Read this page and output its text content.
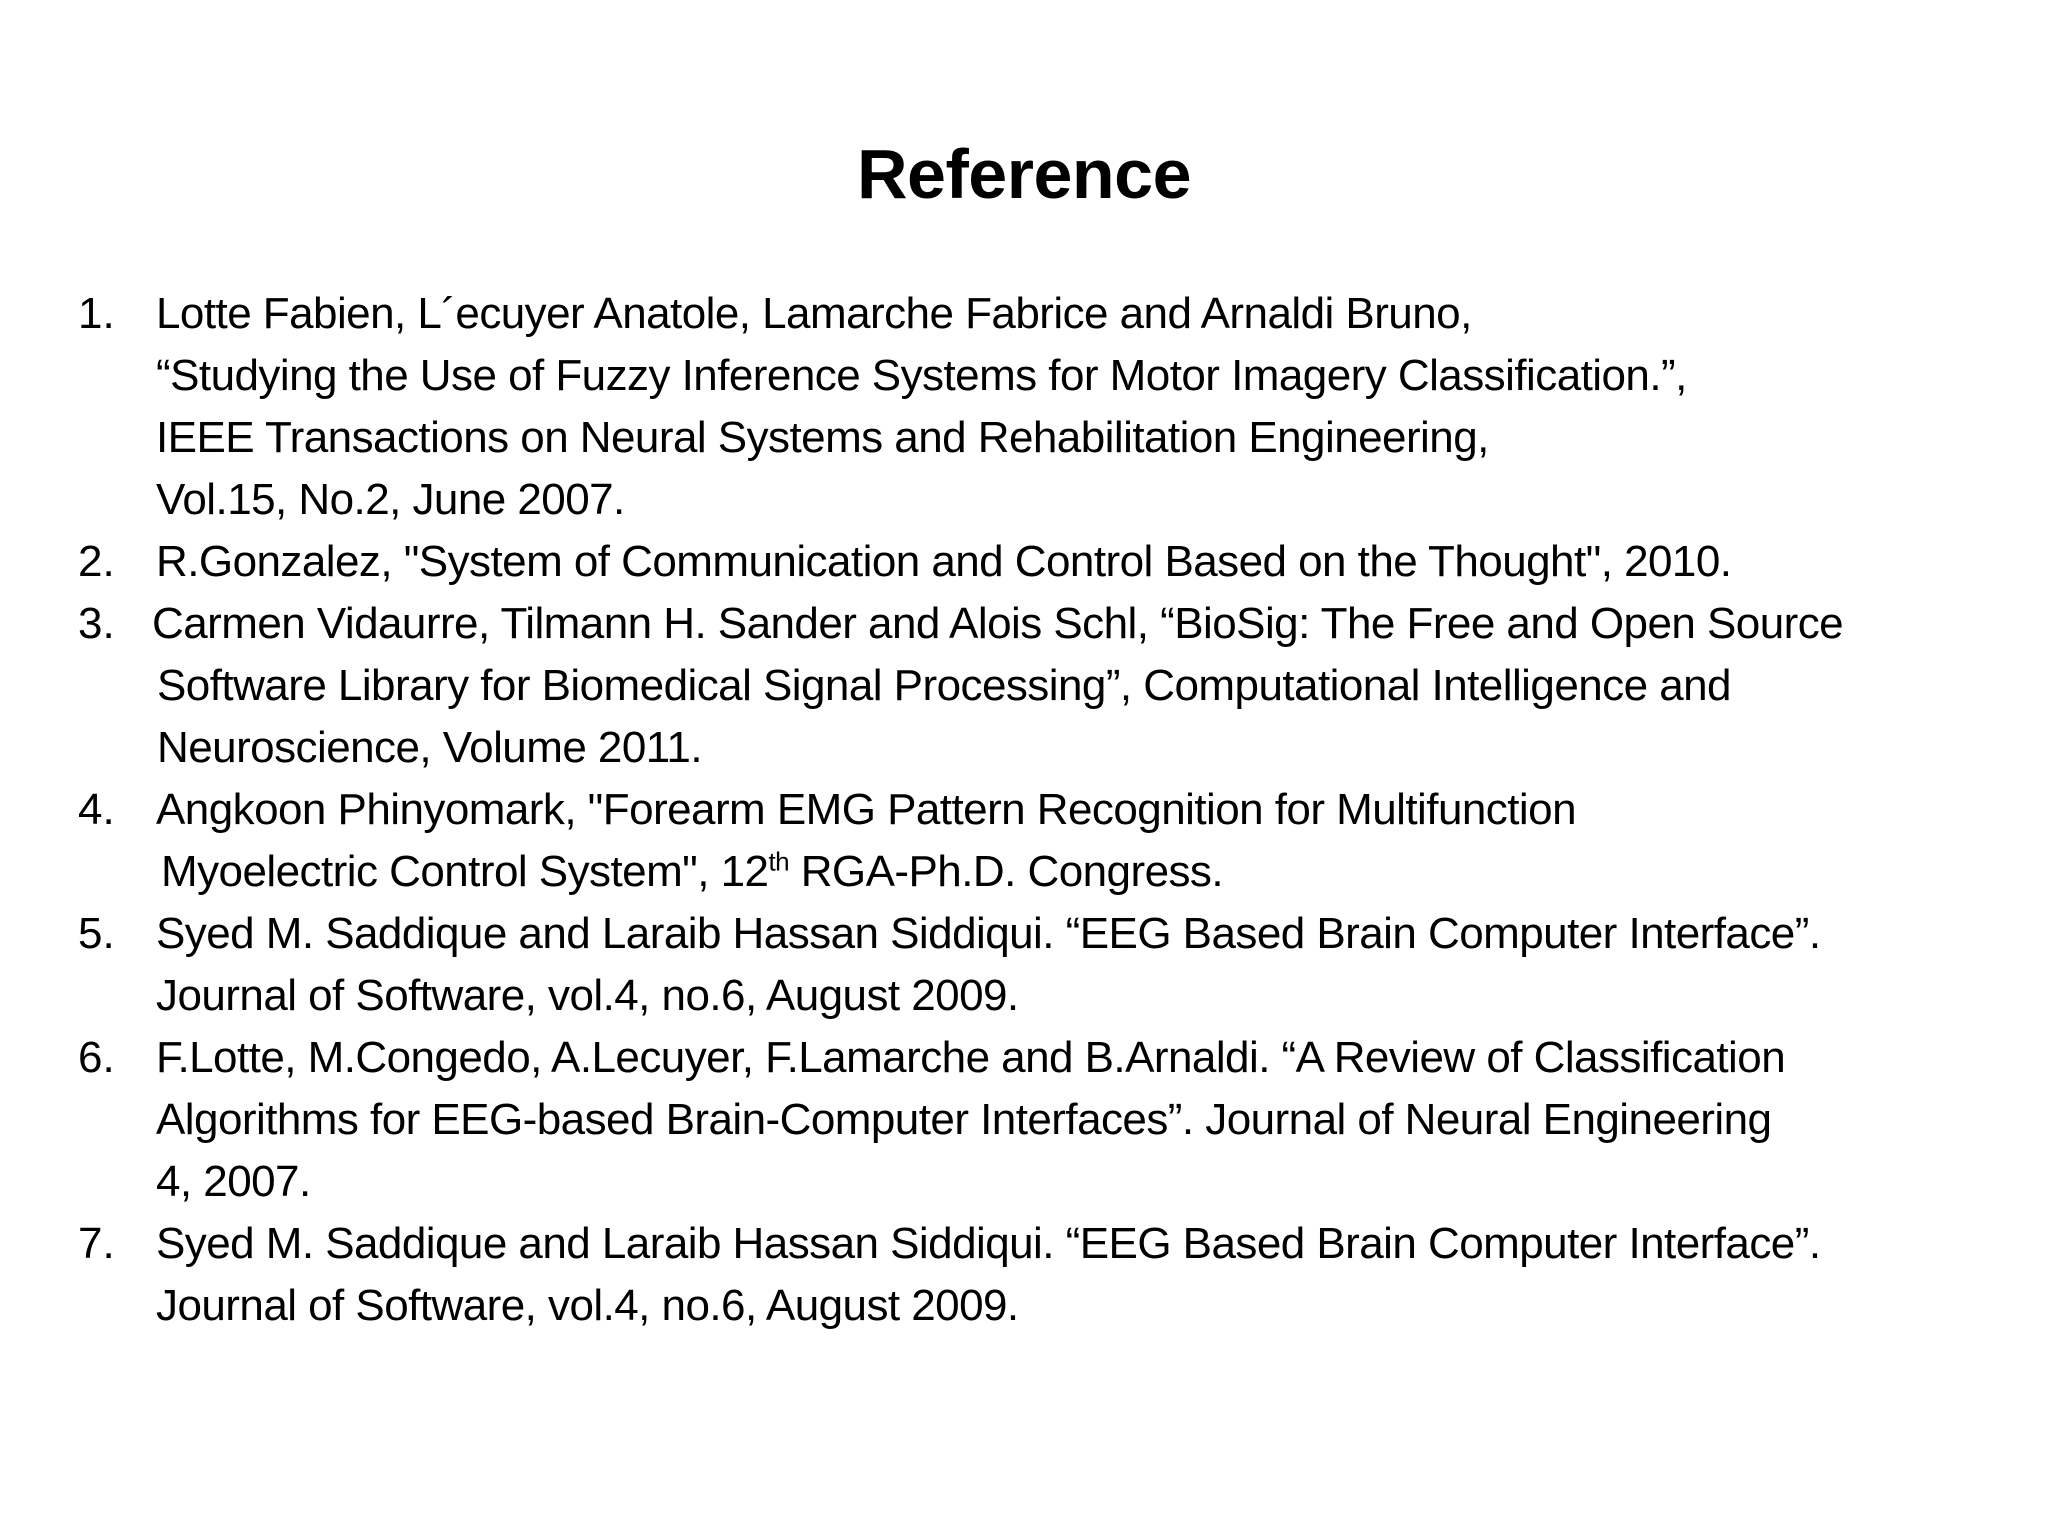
Reference
1. Lotte Fabien, L´ecuyer Anatole, Lamarche Fabrice and Arnaldi Bruno,
“Studying the Use of Fuzzy Inference Systems for Motor Imagery Classification.”,
IEEE Transactions on Neural Systems and Rehabilitation Engineering,
Vol.15, No.2, June 2007.
2. R.Gonzalez, "System of Communication and Control Based on the Thought", 2010.
3. Carmen Vidaurre, Tilmann H. Sander and Alois Schl, “BioSig: The Free and Open Source
Software Library for Biomedical Signal Processing”, Computational Intelligence and
Neuroscience, Volume 2011.
4. Angkoon Phinyomark, "Forearm EMG Pattern Recognition for Multifunction
Myoelectric Control System", 12th RGA-Ph.D. Congress.
5. Syed M. Saddique and Laraib Hassan Siddiqui. “EEG Based Brain Computer Interface”.
Journal of Software, vol.4, no.6, August 2009.
6. F.Lotte, M.Congedo, A.Lecuyer, F.Lamarche and B.Arnaldi. “A Review of Classification
Algorithms for EEG-based Brain-Computer Interfaces”. Journal of Neural Engineering
4, 2007.
7. Syed M. Saddique and Laraib Hassan Siddiqui. “EEG Based Brain Computer Interface”.
Journal of Software, vol.4, no.6, August 2009.
